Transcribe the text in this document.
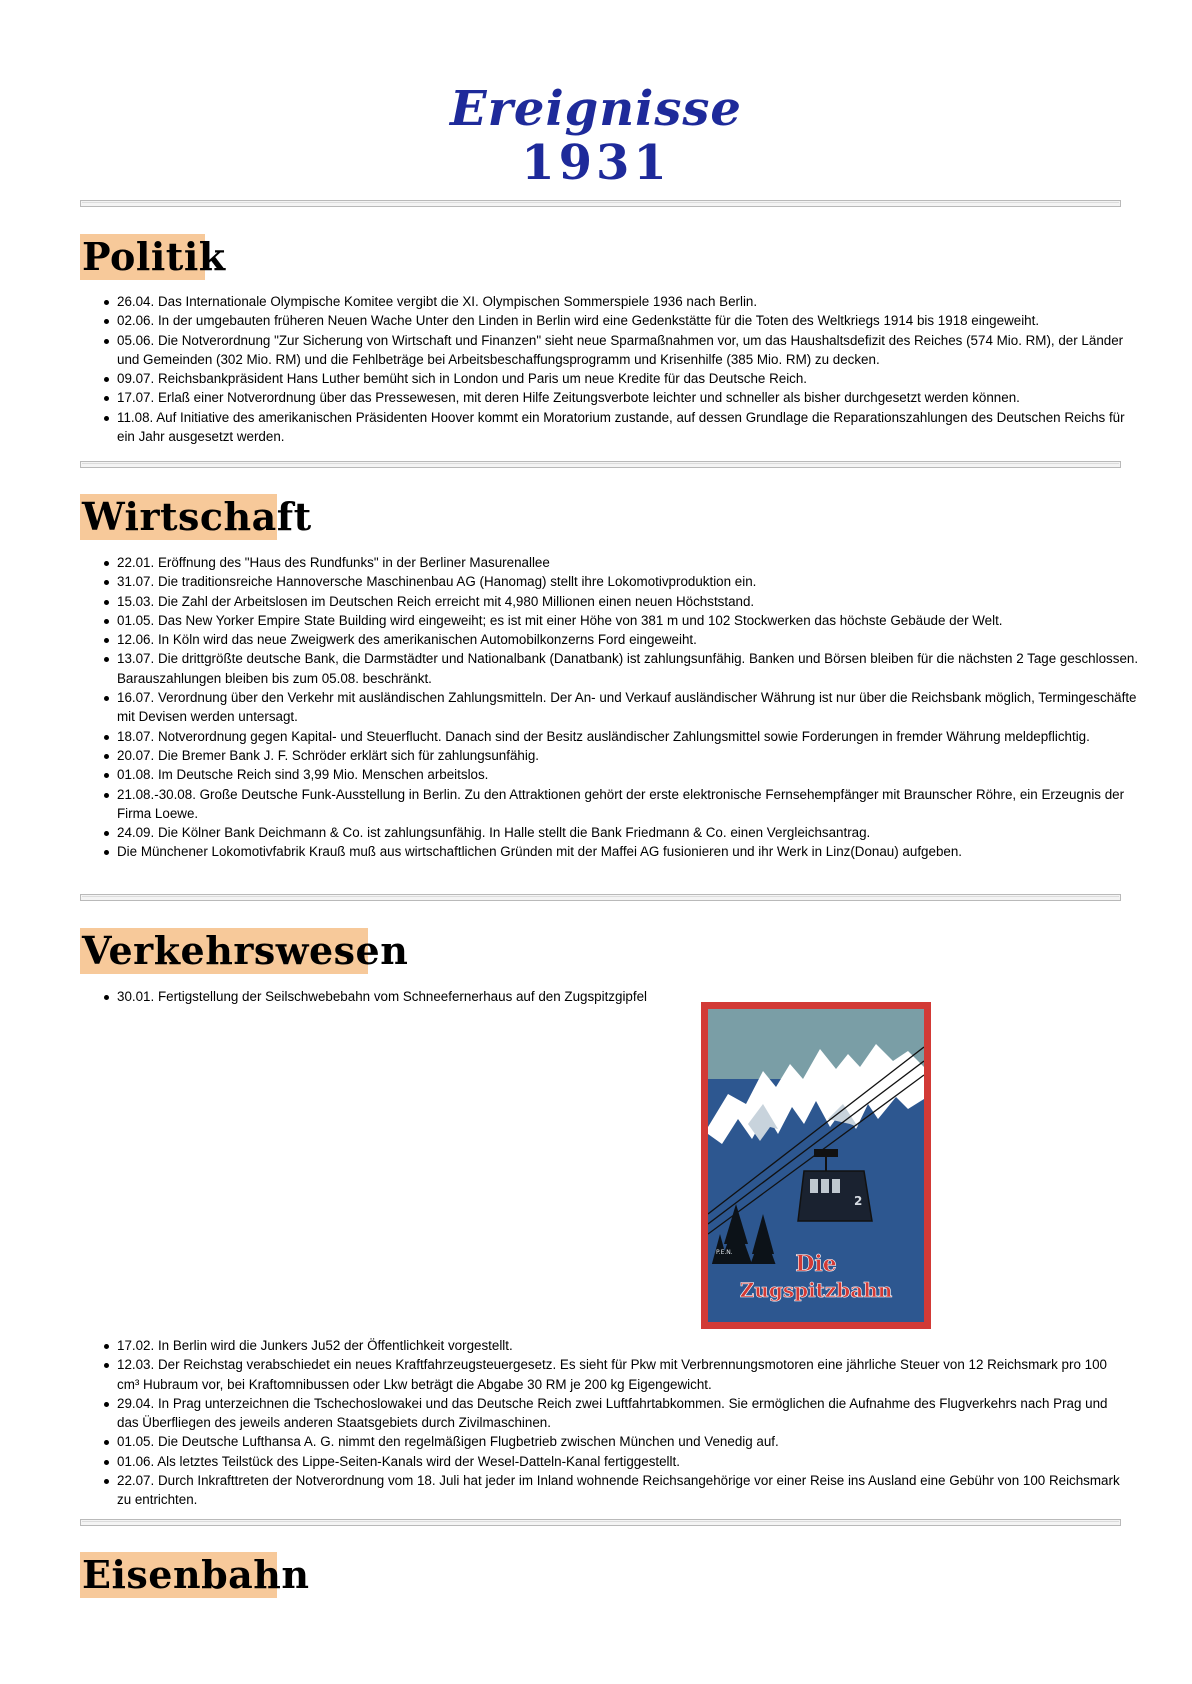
Ereignisse
1931
Politik
26.04. Das Internationale Olympische Komitee vergibt die XI. Olympischen Sommerspiele 1936 nach Berlin.
02.06. In der umgebauten früheren Neuen Wache Unter den Linden in Berlin wird eine Gedenkstätte für die Toten des Weltkriegs 1914 bis 1918 eingeweiht.
05.06. Die Notverordnung "Zur Sicherung von Wirtschaft und Finanzen" sieht neue Sparmaßnahmen vor, um das Haushaltsdefizit des Reiches (574 Mio. RM), der Länder und Gemeinden (302 Mio. RM) und die Fehlbeträge bei Arbeitsbeschaffungsprogramm und Krisenhilfe (385 Mio. RM) zu decken.
09.07. Reichsbankpräsident Hans Luther bemüht sich in London und Paris um neue Kredite für das Deutsche Reich.
17.07. Erlaß einer Notverordnung über das Pressewesen, mit deren Hilfe Zeitungsverbote leichter und schneller als bisher durchgesetzt werden können.
11.08. Auf Initiative des amerikanischen Präsidenten Hoover kommt ein Moratorium zustande, auf dessen Grundlage die Reparationszahlungen des Deutschen Reichs für ein Jahr ausgesetzt werden.
Wirtschaft
22.01. Eröffnung des "Haus des Rundfunks" in der Berliner Masurenallee
31.07. Die traditionsreiche Hannoversche Maschinenbau AG (Hanomag) stellt ihre Lokomotivproduktion ein.
15.03. Die Zahl der Arbeitslosen im Deutschen Reich erreicht mit 4,980 Millionen einen neuen Höchststand.
01.05. Das New Yorker Empire State Building wird eingeweiht; es ist mit einer Höhe von 381 m und 102 Stockwerken das höchste Gebäude der Welt.
12.06. In Köln wird das neue Zweigwerk des amerikanischen Automobilkonzerns Ford eingeweiht.
13.07. Die drittgrößte deutsche Bank, die Darmstädter und Nationalbank (Danatbank) ist zahlungsunfähig. Banken und Börsen bleiben für die nächsten 2 Tage geschlossen. Barauszahlungen bleiben bis zum 05.08. beschränkt.
16.07. Verordnung über den Verkehr mit ausländischen Zahlungsmitteln. Der An- und Verkauf ausländischer Währung ist nur über die Reichsbank möglich, Termingeschäfte mit Devisen werden untersagt.
18.07. Notverordnung gegen Kapital- und Steuerflucht. Danach sind der Besitz ausländischer Zahlungsmittel sowie Forderungen in fremder Währung meldepflichtig.
20.07. Die Bremer Bank J. F. Schröder erklärt sich für zahlungsunfähig.
01.08. Im Deutsche Reich sind 3,99 Mio. Menschen arbeitslos.
21.08.-30.08. Große Deutsche Funk-Ausstellung in Berlin. Zu den Attraktionen gehört der erste elektronische Fernsehempfänger mit Braunscher Röhre, ein Erzeugnis der Firma Loewe.
24.09. Die Kölner Bank Deichmann & Co. ist zahlungsunfähig. In Halle stellt die Bank Friedmann & Co. einen Vergleichsantrag.
Die Münchener Lokomotivfabrik Krauß muß aus wirtschaftlichen Gründen mit der Maffei AG fusionieren und ihr Werk in Linz(Donau) aufgeben.
Verkehrswesen
30.01. Fertigstellung der Seilschwebebahn vom Schneefernerhaus auf den Zugspitzgipfel
2
P.E.N.	Die
Zugspitzbahn
17.02. In Berlin wird die Junkers Ju52 der Öffentlichkeit vorgestellt.
12.03. Der Reichstag verabschiedet ein neues Kraftfahrzeugsteuergesetz. Es sieht für Pkw mit Verbrennungsmotoren eine jährliche Steuer von 12 Reichsmark pro 100 cm³ Hubraum vor, bei Kraftomnibussen oder Lkw beträgt die Abgabe 30 RM je 200 kg Eigengewicht.
29.04. In Prag unterzeichnen die Tschechoslowakei und das Deutsche Reich zwei Luftfahrtabkommen. Sie ermöglichen die Aufnahme des Flugverkehrs nach Prag und das Überfliegen des jeweils anderen Staatsgebiets durch Zivilmaschinen.
01.05. Die Deutsche Lufthansa A. G. nimmt den regelmäßigen Flugbetrieb zwischen München und Venedig auf.
01.06. Als letztes Teilstück des Lippe-Seiten-Kanals wird der Wesel-Datteln-Kanal fertiggestellt.
22.07. Durch Inkrafttreten der Notverordnung vom 18. Juli hat jeder im Inland wohnende Reichsangehörige vor einer Reise ins Ausland eine Gebühr von 100 Reichsmark zu entrichten.
Eisenbahn
